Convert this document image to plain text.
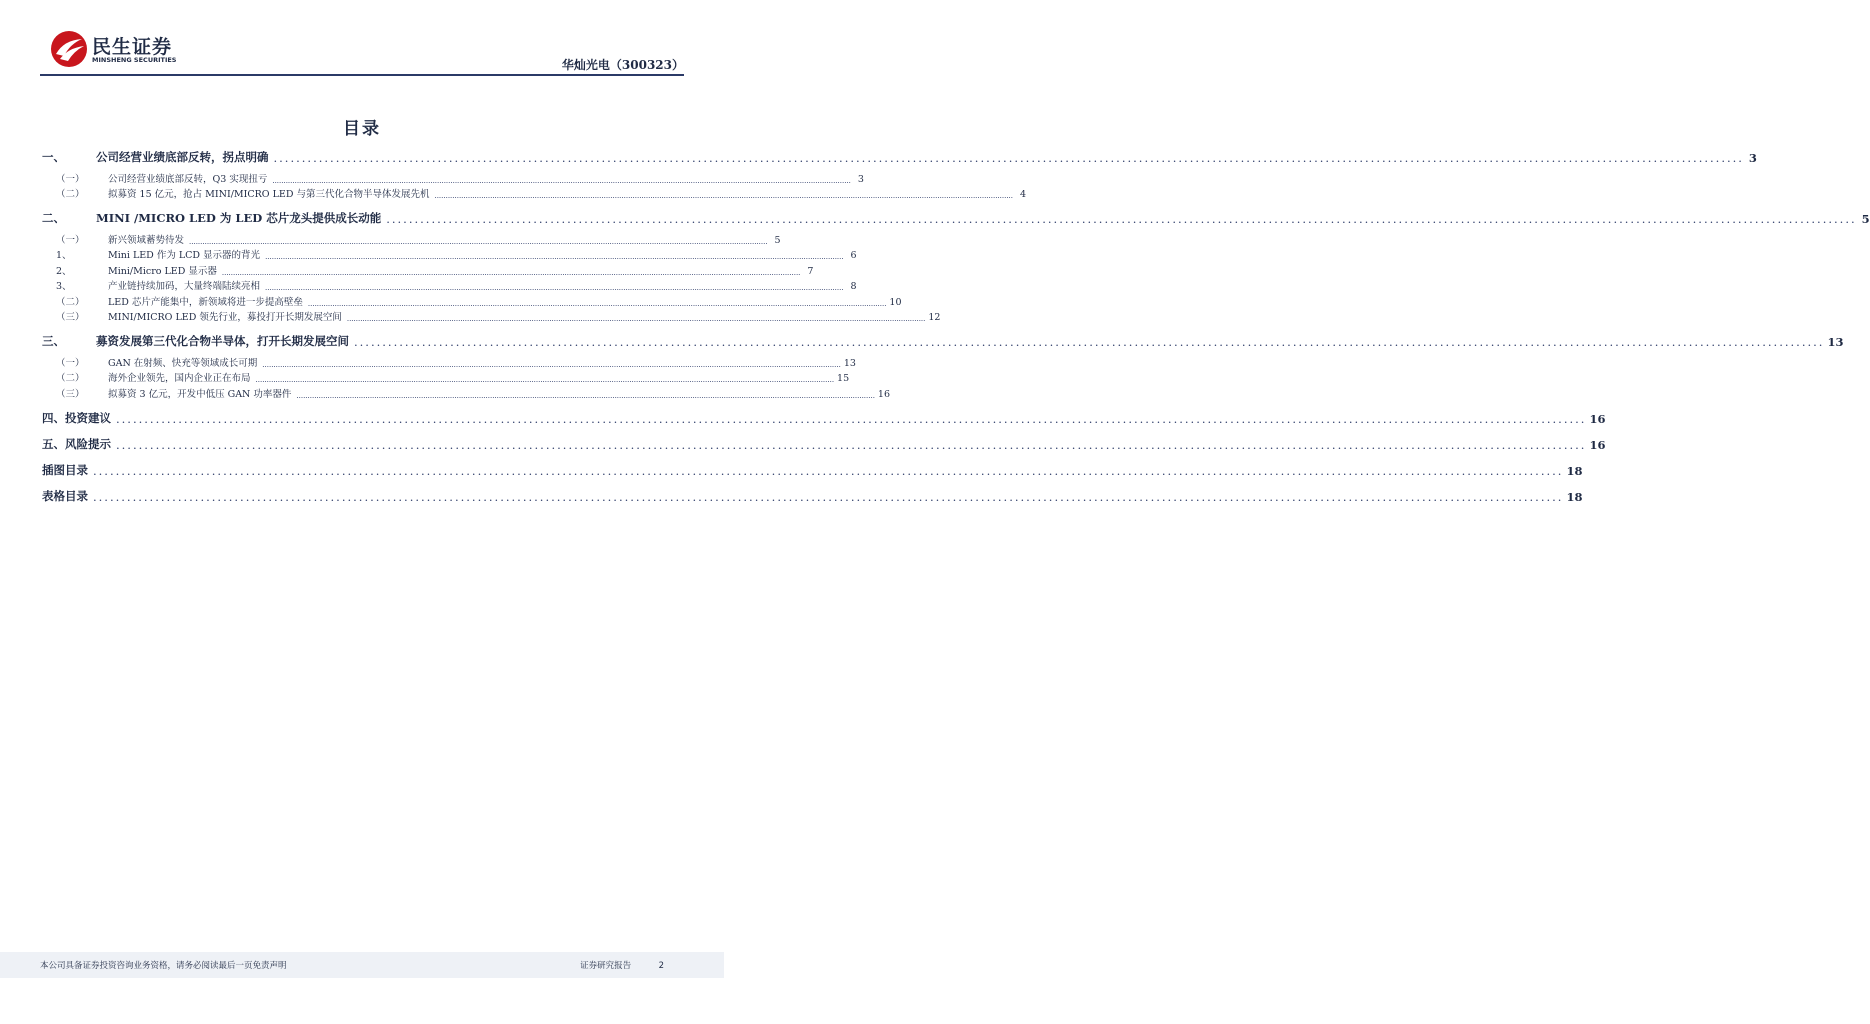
民生证券
MINSHENG SECURITIES	华灿光电（300323）
目录
一、	公司经营业绩底部反转，拐点明确 .................................................................................................................................................................................................................................................................... 3
（一）	公司经营业绩底部反转，Q3 实现扭亏 .................................................................................................................................................................................................................................................................... 3
（二）	拟募资 15 亿元，抢占 MINI/MICRO LED 与第三代化合物半导体发展先机 .................................................................................................................................................................................................................................................................... 4
二、	MINI /MICRO LED 为 LED 芯片龙头提供成长动能 .................................................................................................................................................................................................................................................................... 5
（一）	新兴领域蓄势待发 .................................................................................................................................................................................................................................................................... 5
1、	Mini LED 作为 LCD 显示器的背光 .................................................................................................................................................................................................................................................................... 6
2、	Mini/Micro LED 显示器 .................................................................................................................................................................................................................................................................... 7
3、	产业链持续加码，大量终端陆续亮相 .................................................................................................................................................................................................................................................................... 8
（二）	LED 芯片产能集中，新领域将进一步提高壁垒 .................................................................................................................................................................................................................................................................... 10
（三）	MINI/MICRO LED 领先行业，募投打开长期发展空间 .................................................................................................................................................................................................................................................................... 12
三、	募资发展第三代化合物半导体，打开长期发展空间 .................................................................................................................................................................................................................................................................... 13
（一）	GAN 在射频、快充等领域成长可期 .................................................................................................................................................................................................................................................................... 13
（二）	海外企业领先，国内企业正在布局 .................................................................................................................................................................................................................................................................... 15
（三）	拟募资 3 亿元，开发中低压 GAN 功率器件 .................................................................................................................................................................................................................................................................... 16
四、投资建议 .................................................................................................................................................................................................................................................................... 16
五、风险提示 .................................................................................................................................................................................................................................................................... 16
插图目录 .................................................................................................................................................................................................................................................................... 18
表格目录 .................................................................................................................................................................................................................................................................... 18
本公司具备证券投资咨询业务资格，请务必阅读最后一页免责声明	证券研究报告	2
